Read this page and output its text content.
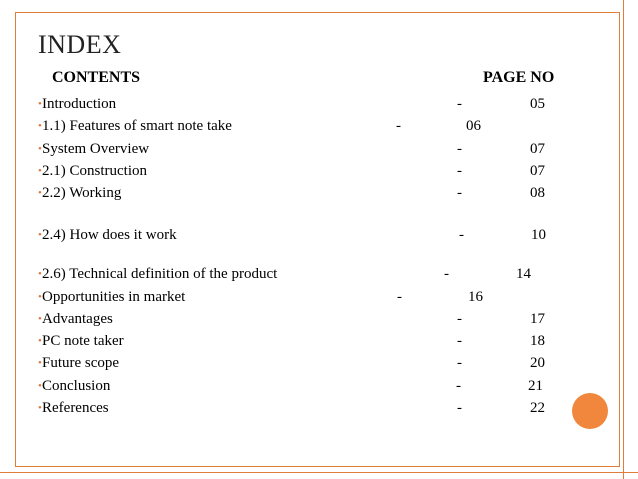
INDEX
CONTENTS	PAGE NO
• Introduction	-	05
• 1.1) Features of smart note take	-	06
• System Overview	-	07
• 2.1) Construction	-	07
• 2.2) Working	-	08
• 2.4) How does it work	-	10
• 2.6) Technical definition of the product	-	14
• Opportunities in market	-	16
• Advantages	-	17
• PC note taker	-	18
• Future scope	-	20
• Conclusion	-	21
• References	-	22
